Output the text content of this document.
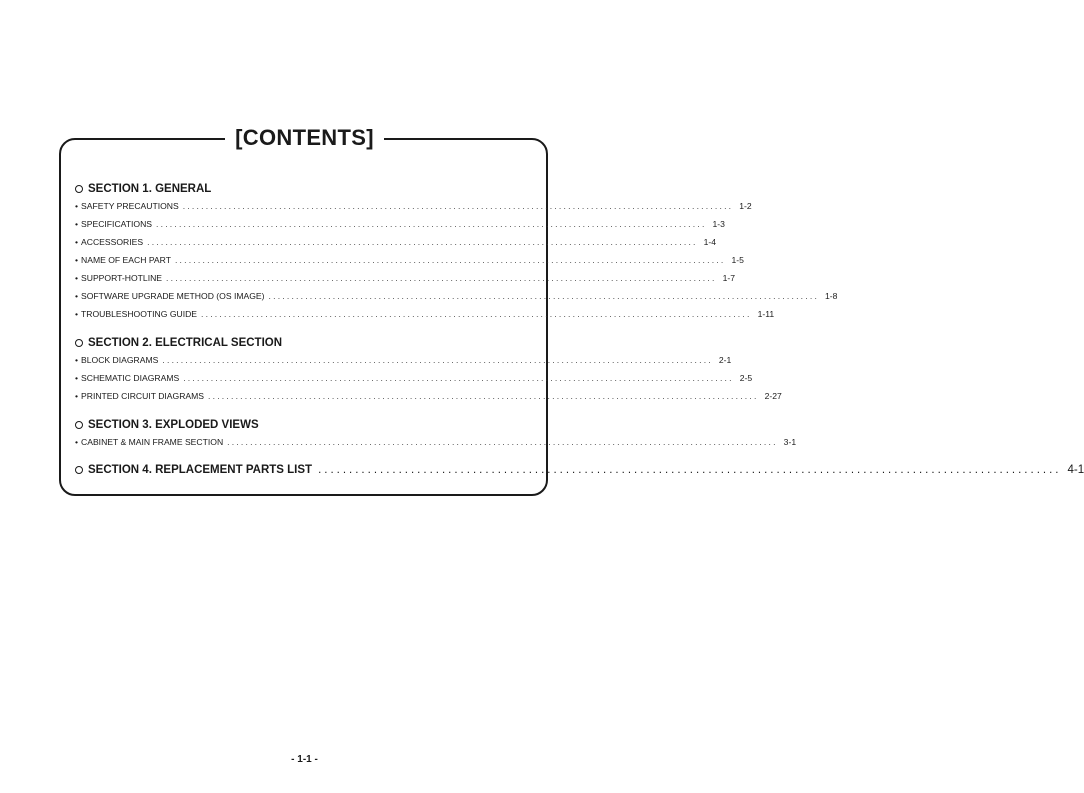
[CONTENTS]
SECTION 1. GENERAL
• SAFETY PRECAUTIONS ........................................................................................................................ 1-2
• SPECIFICATIONS ........................................................................................................................ 1-3
• ACCESSORIES ........................................................................................................................ 1-4
• NAME OF EACH PART ........................................................................................................................ 1-5
• SUPPORT-HOTLINE ........................................................................................................................ 1-7
• SOFTWARE UPGRADE METHOD (OS IMAGE) ........................................................................................................................ 1-8
• TROUBLESHOOTING GUIDE ........................................................................................................................ 1-11
SECTION 2. ELECTRICAL SECTION
• BLOCK DIAGRAMS ........................................................................................................................ 2-1
• SCHEMATIC DIAGRAMS ........................................................................................................................ 2-5
• PRINTED CIRCUIT DIAGRAMS ........................................................................................................................ 2-27
SECTION 3. EXPLODED VIEWS
• CABINET & MAIN FRAME SECTION ........................................................................................................................ 3-1
SECTION 4. REPLACEMENT PARTS LIST ........................................................................................................................ 4-1
- 1-1 -
